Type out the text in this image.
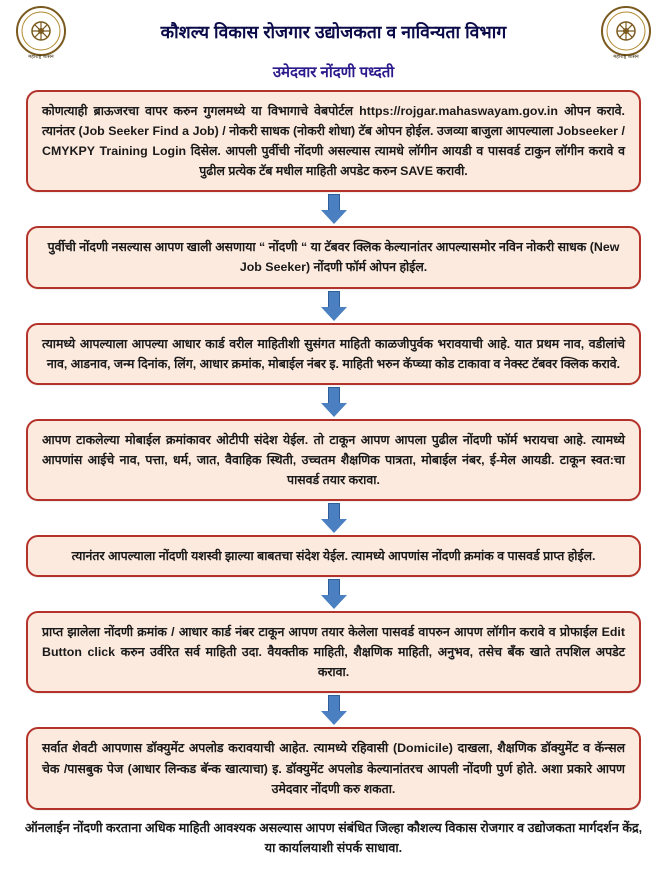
महाराष्ट्र शासन
कौशल्य विकास रोजगार उद्योजकता व नाविन्यता विभाग
महाराष्ट्र शासन
उमेदवार नोंदणी पध्दती
कोणत्याही ब्राऊजरचा वापर करुन गुगलमध्ये या विभागाचे वेबपोर्टल https://rojgar.mahaswayam.gov.in ओपन करावे. त्यानंतर (Job Seeker Find a Job) / नोकरी साधक (नोकरी शोधा) टॅब ओपन होईल. उजव्या बाजुला आपल्याला Jobseeker / CMYKPY Training Login दिसेल. आपली पुर्वीची नोंदणी असल्यास त्यामधे लॉगीन आयडी व पासवर्ड टाकुन लॉगीन करावे व पुढील प्रत्येक टॅब मधील माहिती अपडेट करुन SAVE करावी.
पुर्वीची नोंदणी नसल्यास आपण खाली असणाया “ नोंदणी “ या टॅबवर क्लिक केल्यानांतर आपल्यासमोर नविन नोकरी साधक (New Job Seeker) नोंदणी फॉर्म ओपन होईल.
त्यामध्ये आपल्याला आपल्या आधार कार्ड वरील माहितीशी सुसंगत माहिती काळजीपुर्वक भरावयाची आहे. यात प्रथम नाव, वडीलांचे नाव, आडनाव, जन्म दिनांक, लिंग, आधार क्रमांक, मोबाईल नंबर इ. माहिती भरुन कॅप्च्या कोड टाकावा व नेक्स्ट टॅबवर क्लिक करावे.
आपण टाकलेल्या मोबाईल क्रमांकावर ओटीपी संदेश येईल. तो टाकून आपण आपला पुढील नोंदणी फॉर्म भरायचा आहे. त्यामध्ये आपणांस आईचे नाव, पत्ता, धर्म, जात, वैवाहिक स्थिती, उच्चतम शैक्षणिक पात्रता, मोबाईल नंबर, ई-मेल आयडी. टाकून स्वत:चा पासवर्ड तयार करावा.
त्यानंतर आपल्याला नोंदणी यशस्वी झाल्या बाबतचा संदेश येईल. त्यामध्ये आपणांस नोंदणी क्रमांक व पासवर्ड प्राप्त होईल.
प्राप्त झालेला नोंदणी क्रमांक / आधार कार्ड नंबर टाकून आपण तयार केलेला पासवर्ड वापरुन आपण लॉगीन करावे व प्रोफाईल Edit Button click करुन उर्वरित सर्व माहिती उदा. वैयक्तीक माहिती, शैक्षणिक माहिती, अनुभव, तसेच बॅंक खाते तपशिल अपडेट करावा.
सर्वात शेवटी आपणास डॉक्युमेंट अपलोड करावयाची आहेत. त्यामध्ये रहिवासी (Domicile) दाखला, शैक्षणिक डॉक्युमेंट व कॅन्सल चेक /पासबुक पेज (आधार लिन्कड बॅन्क खात्याचा) इ. डॉक्युमेंट अपलोड केल्यानांतरच आपली नोंदणी पुर्ण होते. अशा प्रकारे आपण उमेदवार नोंदणी करु शकता.
ऑनलाईन नोंदणी करताना अधिक माहिती आवश्यक असल्यास आपण संबंधित जिल्हा कौशल्य विकास रोजगार व उद्योजकता मार्गदर्शन केंद्र, या कार्यालयाशी संपर्क साधावा.
